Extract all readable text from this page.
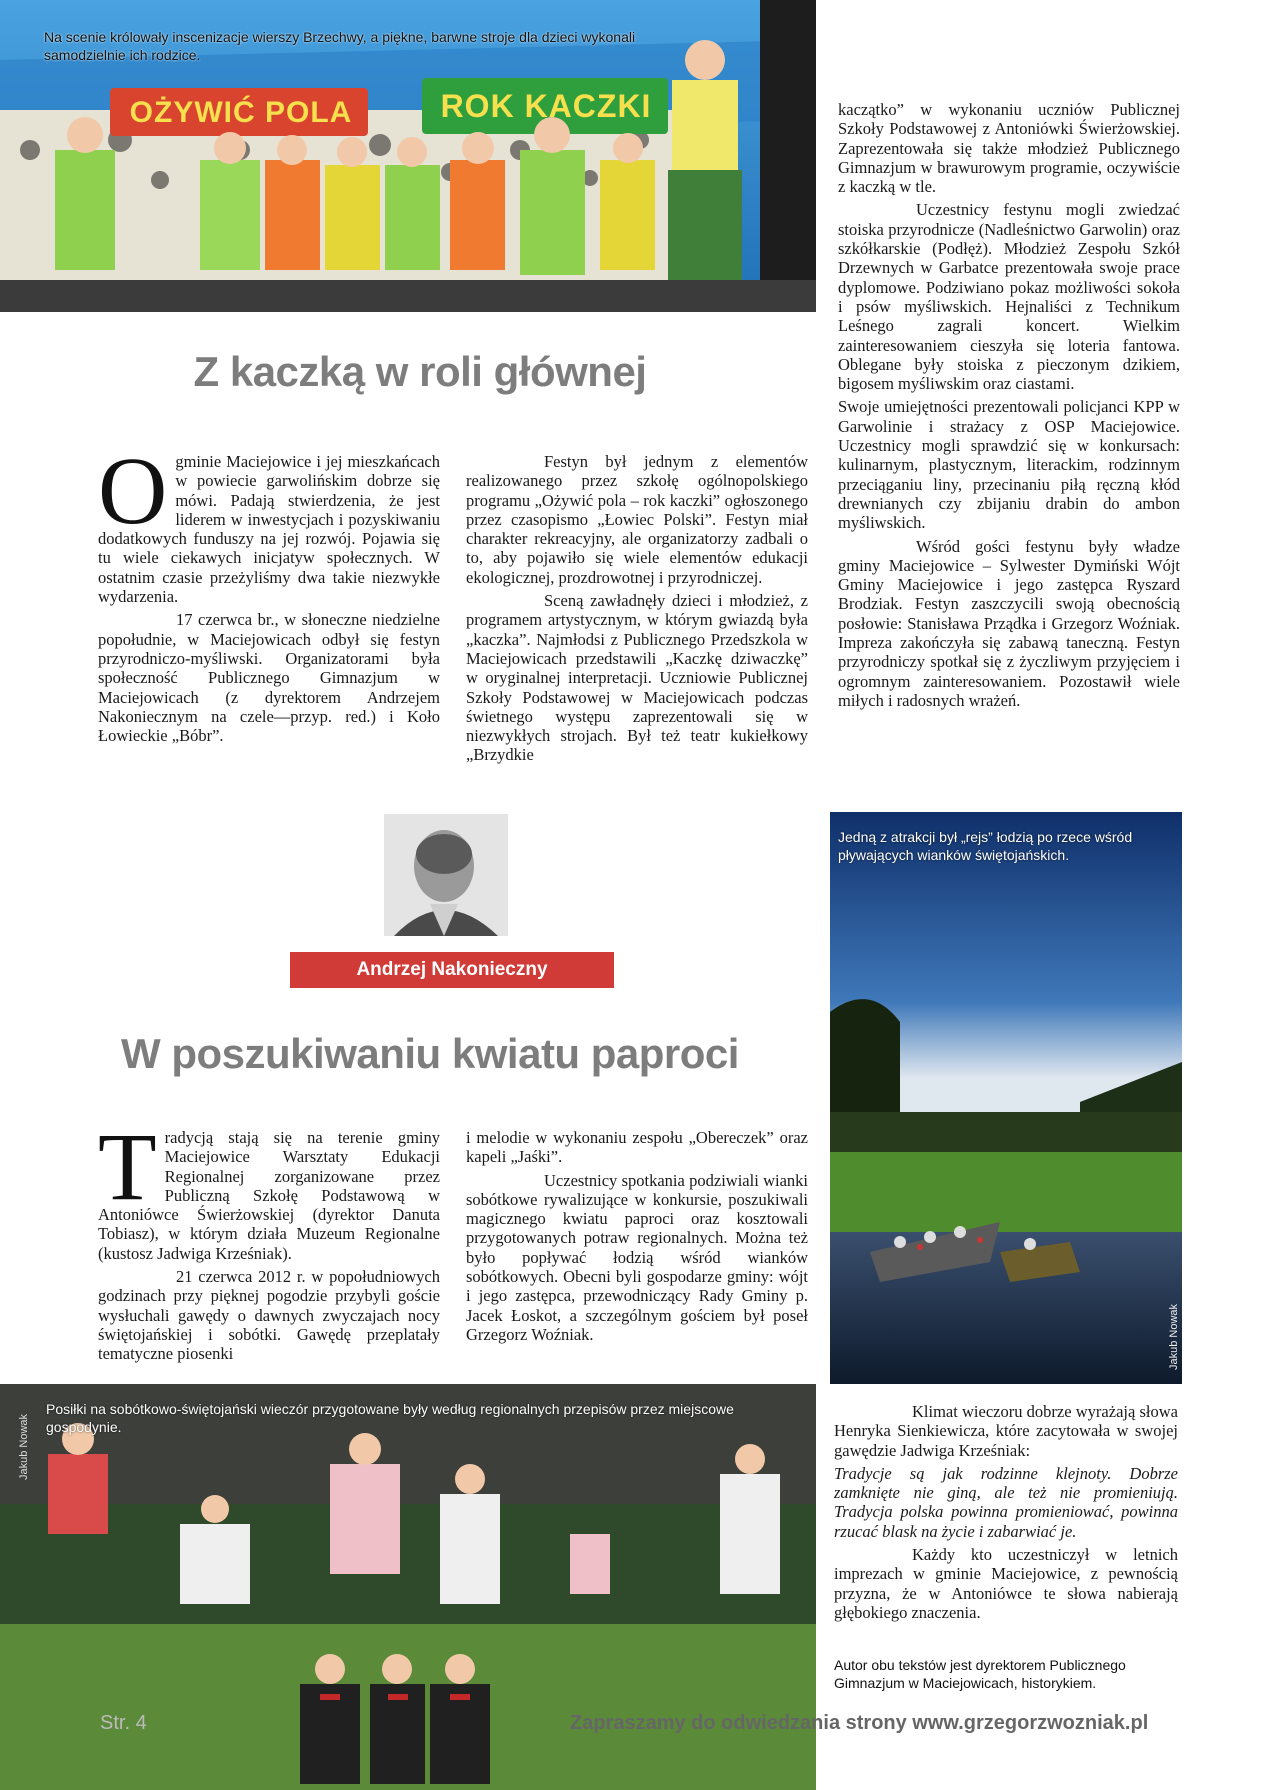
Na scenie królowały inscenizacje wierszy Brzechwy, a piękne, barwne stroje dla dzieci wykonali samodzielnie ich rodzice.
OŻYWIĆ POLA	ROK KACZKI
Z kaczką w roli głównej

Ogminie Maciejowice i jej mieszkańcach w powiecie garwolińskim dobrze się mówi. Padają stwierdzenia, że jest liderem w inwestycjach i pozyskiwaniu dodatkowych funduszy na jej rozwój. Pojawia się tu wiele ciekawych inicjatyw społecznych. W ostatnim czasie przeżyliśmy dwa takie niezwykłe wydarzenia.

17 czerwca br., w słoneczne niedzielne popołudnie, w Maciejowicach odbył się festyn przyrodniczo-myśliwski. Organizatorami była społeczność Publicznego Gimnazjum w Maciejowicach (z dyrektorem Andrzejem Nakoniecznym na czele—przyp. red.) i Koło Łowieckie „Bóbr”.

Festyn był jednym z elementów realizowanego przez szkołę ogólnopolskiego programu „Ożywić pola – rok kaczki” ogłoszonego przez czasopismo „Łowiec Polski”. Festyn miał charakter rekreacyjny, ale organizatorzy zadbali o to, aby pojawiło się wiele elementów edukacji ekologicznej, prozdrowotnej i przyrodniczej.

Sceną zawładnęły dzieci i młodzież, z programem artystycznym, w którym gwiazdą była „kaczka”. Najmłodsi z Publicznego Przedszkola w Maciejowicach przedstawili „Kaczkę dziwaczkę” w oryginalnej interpretacji. Uczniowie Publicznej Szkoły Podstawowej w Maciejowicach podczas świetnego występu zaprezentowali się w niezwykłych strojach. Był też teatr kukiełkowy „Brzydkie

kaczątko” w wykonaniu uczniów Publicznej Szkoły Podstawowej z Antoniówki Świerżowskiej. Zaprezentowała się także młodzież Publicznego Gimnazjum w brawurowym programie, oczywiście z kaczką w tle.

Uczestnicy festynu mogli zwiedzać stoiska przyrodnicze (Nadleśnictwo Garwolin) oraz szkółkarskie (Podłęż). Młodzież Zespołu Szkół Drzewnych w Garbatce prezentowała swoje prace dyplomowe. Podziwiano pokaz możliwości sokoła i psów myśliwskich. Hejnaliści z Technikum Leśnego zagrali koncert. Wielkim zainteresowaniem cieszyła się loteria fantowa. Oblegane były stoiska z pieczonym dzikiem, bigosem myśliwskim oraz ciastami.

Swoje umiejętności prezentowali policjanci KPP w Garwolinie i strażacy z OSP Maciejowice. Uczestnicy mogli sprawdzić się w konkursach: kulinarnym, plastycznym, literackim, rodzinnym przeciąganiu liny, przecinaniu piłą ręczną kłód drewnianych czy zbijaniu drabin do ambon myśliwskich.

Wśród gości festynu były władze gminy Maciejowice – Sylwester Dymiński Wójt Gminy Maciejowice i jego zastępca Ryszard Brodziak. Festyn zaszczycili swoją obecnością posłowie: Stanisława Prządka i Grzegorz Woźniak. Impreza zakończyła się zabawą taneczną. Festyn przyrodniczy spotkał się z życzliwym przyjęciem i ogromnym zainteresowaniem. Pozostawił wiele miłych i radosnych wrażeń.

Andrzej Nakonieczny
Jedną z atrakcji był „rejs” łodzią po rzece wśród pływających wianków świętojańskich.
Jakub Nowak
W poszukiwaniu kwiatu paproci

Tradycją stają się na terenie gminy Maciejowice Warsztaty Edukacji Regionalnej zorganizowane przez Publiczną Szkołę Podstawową w Antoniówce Świerżowskiej (dyrektor Danuta Tobiasz), w którym działa Muzeum Regionalne (kustosz Jadwiga Krześniak).

21 czerwca 2012 r. w popołudniowych godzinach przy pięknej pogodzie przybyli goście wysłuchali gawędy o dawnych zwyczajach nocy świętojańskiej i sobótki. Gawędę przeplatały tematyczne piosenki

i melodie w wykonaniu zespołu „Obereczek” oraz kapeli „Jaśki”.

Uczestnicy spotkania podziwiali wianki sobótkowe rywalizujące w konkursie, poszukiwali magicznego kwiatu paproci oraz kosztowali przygotowanych potraw regionalnych. Można też było popływać łodzią wśród wianków sobótkowych. Obecni byli gospodarze gminy: wójt i jego zastępca, przewodniczący Rady Gminy p. Jacek Łoskot, a szczególnym gościem był poseł Grzegorz Woźniak.

Klimat wieczoru dobrze wyrażają słowa Henryka Sienkiewicza, które zacytowała w swojej gawędzie Jadwiga Krześniak:

Tradycje są jak rodzinne klejnoty. Dobrze zamknięte nie giną, ale też nie promieniują. Tradycja polska powinna promieniować, powinna rzucać blask na życie i zabarwiać je.

Każdy kto uczestniczył w letnich imprezach w gminie Maciejowice, z pewnością przyzna, że w Antoniówce te słowa nabierają głębokiego znaczenia.

Autor obu tekstów jest dyrektorem Publicznego Gimnazjum w Maciejowicach, historykiem.
Posiłki na sobótkowo-świętojański wieczór przygotowane były według regionalnych przepisów przez miejscowe gospodynie.
Jakub Nowak
Str. 4	Zapraszamy do odwiedzania strony www.grzegorzwozniak.pl
